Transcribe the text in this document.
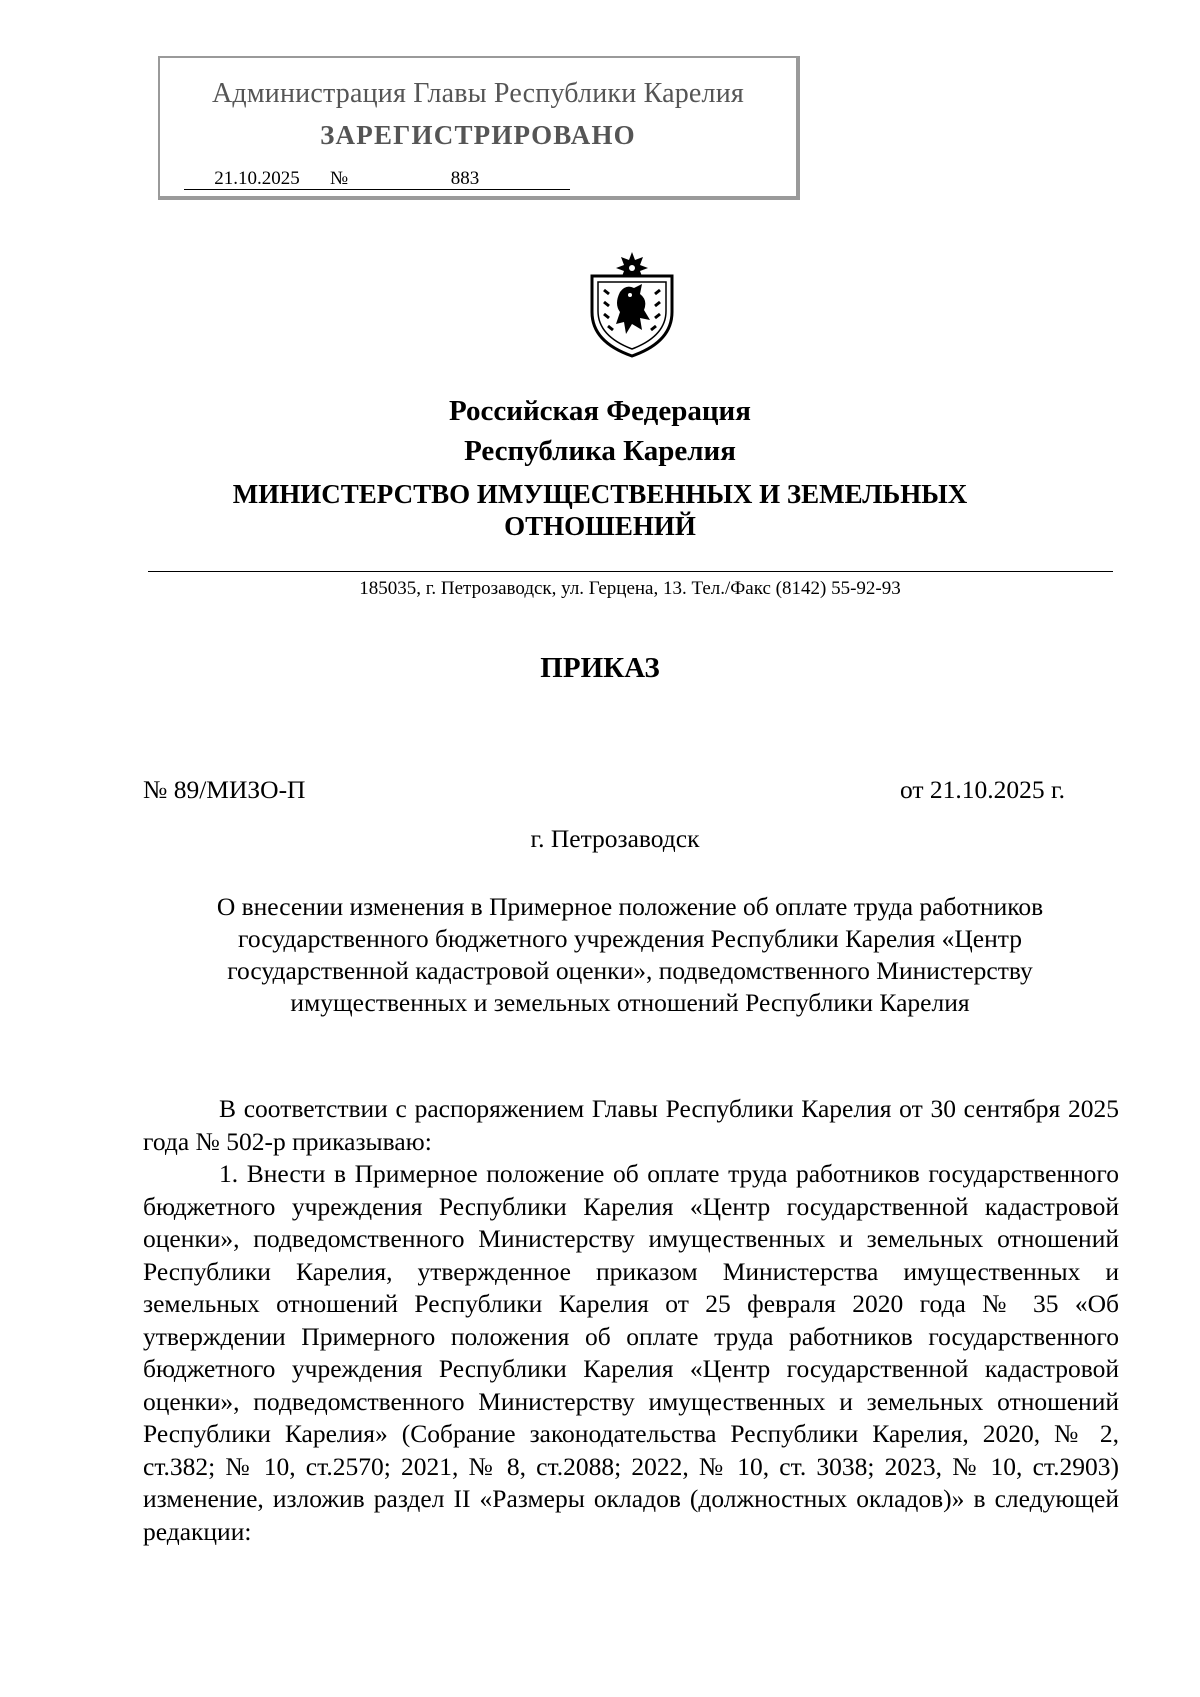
Администрация Главы Республики Карелия
ЗАРЕГИСТРИРОВАНО
21.10.2025 №	883
Российская Федерация
Республика Карелия
МИНИСТЕРСТВО ИМУЩЕСТВЕННЫХ И ЗЕМЕЛЬНЫХ
ОТНОШЕНИЙ
185035, г. Петрозаводск, ул. Герцена, 13. Тел./Факс (8142) 55-92-93
ПРИКАЗ
№ 89/МИЗО-П	от 21.10.2025 г.
г. Петрозаводск
О внесении изменения в Примерное положение об оплате труда работников
государственного бюджетного учреждения Республики Карелия «Центр
государственной кадастровой оценки», подведомственного Министерству
имущественных и земельных отношений Республики Карелия

В соответствии с распоряжением Главы Республики Карелия от 30 сентября 2025 года № 502-р приказываю:

1. Внести в Примерное положение об оплате труда работников государственного бюджетного учреждения Республики Карелия «Центр государственной кадастровой оценки», подведомственного Министерству имущественных и земельных отношений Республики Карелия, утвержденное приказом Министерства имущественных и земельных отношений Республики Карелия от 25 февраля 2020 года № 35 «Об утверждении Примерного положения об оплате труда работников государственного бюджетного учреждения Республики Карелия «Центр государственной кадастровой оценки», подведомственного Министерству имущественных и земельных отношений Республики Карелия» (Собрание законодательства Республики Карелия, 2020, № 2, ст.382; № 10, ст.2570; 2021, № 8, ст.2088; 2022, № 10, ст. 3038; 2023, № 10, ст.2903) изменение, изложив раздел II «Размеры окладов (должностных окладов)» в следующей редакции:
